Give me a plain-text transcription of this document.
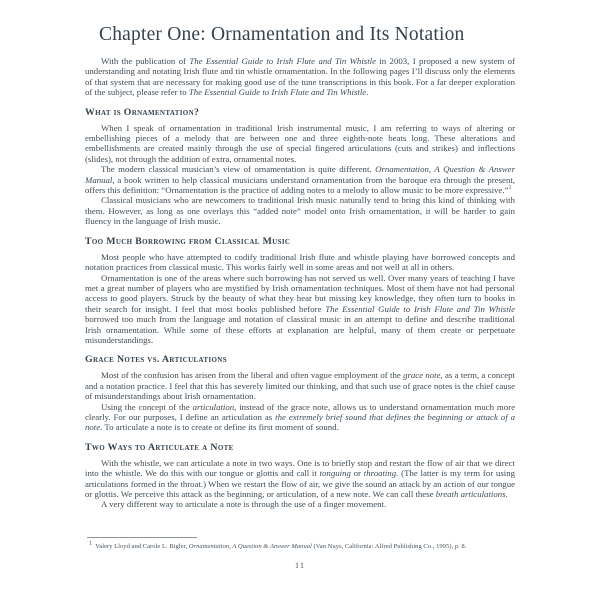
Chapter One: Ornamentation and Its Notation

With the publication of The Essential Guide to Irish Flute and Tin Whistle in 2003, I proposed a new system of understanding and notating Irish flute and tin whistle ornamentation. In the following pages I’ll discuss only the elements of that system that are necessary for making good use of the tune transcriptions in this book. For a far deeper exploration of the subject, please refer to The Essential Guide to Irish Flute and Tin Whistle.

What is Ornamentation?

When I speak of ornamentation in traditional Irish instrumental music, I am referring to ways of altering or embellishing pieces of a melody that are between one and three eighth-note beats long. These alterations and embellishments are created mainly through the use of special fingered articulations (cuts and strikes) and inflections (slides), not through the addition of extra, ornamental notes.

The modern classical musician’s view of ornamentation is quite different. Ornamentation, A Question & Answer Manual, a book written to help classical musicians understand ornamentation from the baroque era through the present, offers this definition: “Ornamentation is the practice of adding notes to a melody to allow music to be more expressive.”$^1$

Classical musicians who are newcomers to traditional Irish music naturally tend to bring this kind of thinking with them. However, as long as one overlays this “added note” model onto Irish ornamentation, it will be harder to gain fluency in the language of Irish music.

Too Much Borrowing from Classical Music

Most people who have attempted to codify traditional Irish flute and whistle playing have borrowed concepts and notation practices from classical music. This works fairly well in some areas and not well at all in others.

Ornamentation is one of the areas where such borrowing has not served us well. Over many years of teaching I have met a great number of players who are mystified by Irish ornamentation techniques. Most of them have not had personal access to good players. Struck by the beauty of what they hear but missing key knowledge, they often turn to books in their search for insight. I feel that most books published before The Essential Guide to Irish Flute and Tin Whistle borrowed too much from the language and notation of classical music in an attempt to define and describe traditional Irish ornamentation. While some of these efforts at explanation are helpful, many of them create or perpetuate misunderstandings.

Grace Notes vs. Articulations

Most of the confusion has arisen from the liberal and often vague employment of the grace note, as a term, a concept and a notation practice. I feel that this has severely limited our thinking, and that such use of grace notes is the chief cause of misunderstandings about Irish ornamentation.

Using the concept of the articulation, instead of the grace note, allows us to understand ornamentation much more clearly. For our purposes, I define an articulation as the extremely brief sound that defines the beginning or attack of a note. To articulate a note is to create or define its first moment of sound.

Two Ways to Articulate a Note

With the whistle, we can articulate a note in two ways. One is to briefly stop and restart the flow of air that we direct into the whistle. We do this with our tongue or glottis and call it tonguing or throating. (The latter is my term for using articulations formed in the throat.) When we restart the flow of air, we give the sound an attack by an action of our tongue or glottis. We perceive this attack as the beginning, or articulation, of a new note. We can call these breath articulations.

A very different way to articulate a note is through the use of a finger movement.

$^1$ Valery Lloyd and Carole L. Bigler, Ornamentation, A Question & Answer Manual (Van Nuys, California: Alfred Publishing Co., 1995), p. 8.

11
